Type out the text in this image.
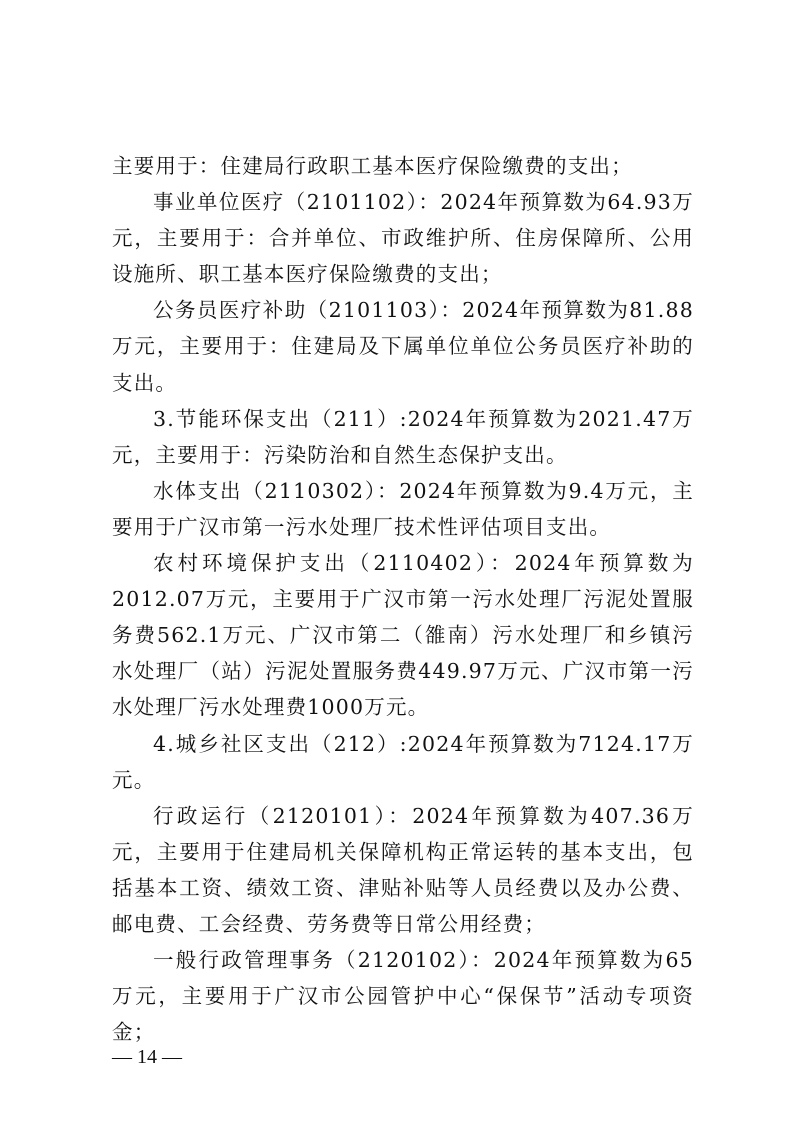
主要用于：住建局行政职工基本医疗保险缴费的支出；

事业单位医疗（2101102）：2024年预算数为64.93万元，主要用于：合并单位、市政维护所、住房保障所、公用设施所、职工基本医疗保险缴费的支出；

公务员医疗补助（2101103）：2024年预算数为81.88万元，主要用于：住建局及下属单位单位公务员医疗补助的支出。

3.节能环保支出（211）:2024年预算数为2021.47万元，主要用于：污染防治和自然生态保护支出。

水体支出（2110302）：2024年预算数为9.4万元，主要用于广汉市第一污水处理厂技术性评估项目支出。

农村环境保护支出（2110402）：2024年预算数为2012.07万元，主要用于广汉市第一污水处理厂污泥处置服务费562.1万元、广汉市第二（雒南）污水处理厂和乡镇污水处理厂（站）污泥处置服务费449.97万元、广汉市第一污水处理厂污水处理费1000万元。

4.城乡社区支出（212）:2024年预算数为7124.17万元。

行政运行（2120101）：2024年预算数为407.36万元，主要用于住建局机关保障机构正常运转的基本支出，包括基本工资、绩效工资、津贴补贴等人员经费以及办公费、邮电费、工会经费、劳务费等日常公用经费；

一般行政管理事务（2120102）：2024年预算数为65万元，主要用于广汉市公园管护中心“保保节”活动专项资金；

— 14 —
